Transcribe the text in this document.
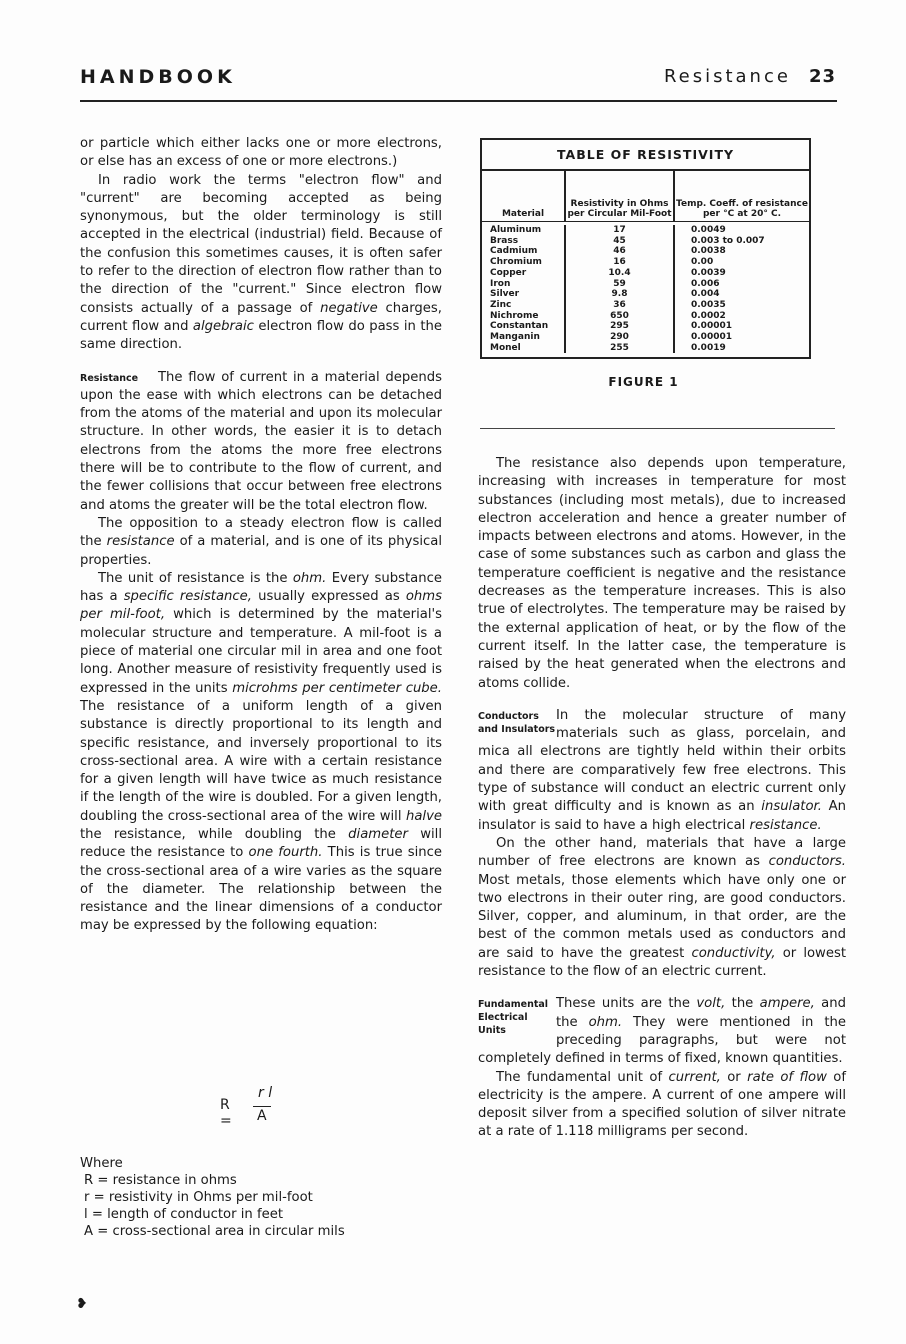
HANDBOOK	Resistance 23

or particle which either lacks one or more electrons, or else has an excess of one or more electrons.)

In radio work the terms "electron flow" and "current" are becoming accepted as being synonymous, but the older terminology is still accepted in the electrical (industrial) field. Because of the confusion this sometimes causes, it is often safer to refer to the direction of electron flow rather than to the direction of the "current." Since electron flow consists actually of a passage of negative charges, current flow and algebraic electron flow do pass in the same direction.

Resistance	The flow of current in a material depends upon the ease with which electrons can be detached from the atoms of the material and upon its molecular structure. In other words, the easier it is to detach electrons from the atoms the more free electrons there will be to contribute to the flow of current, and the fewer collisions that occur between free electrons and atoms the greater will be the total electron flow.

The opposition to a steady electron flow is called the resistance of a material, and is one of its physical properties.

The unit of resistance is the ohm. Every substance has a specific resistance, usually expressed as ohms per mil-foot, which is determined by the material's molecular structure and temperature. A mil-foot is a piece of material one circular mil in area and one foot long. Another measure of resistivity frequently used is expressed in the units microhms per centimeter cube. The resistance of a uniform length of a given substance is directly proportional to its length and specific resistance, and inversely proportional to its cross-sectional area. A wire with a certain resistance for a given length will have twice as much resistance if the length of the wire is doubled. For a given length, doubling the cross-sectional area of the wire will halve the resistance, while doubling the diameter will reduce the resistance to one fourth. This is true since the cross-sectional area of a wire varies as the square of the diameter. The relationship between the resistance and the linear dimensions of a conductor may be expressed by the following equation:

R =
r l
A
Where
R = resistance in ohms
r = resistivity in Ohms per mil-foot
l = length of conductor in feet
A = cross-sectional area in circular mils
TABLE OF RESISTIVITY
Material
Resistivity in Ohms per Circular Mil-Foot
Temp. Coeff. of resistance per °C at 20° C.
Aluminum
Brass
Cadmium
Chromium
Copper
Iron
Silver
Zinc
Nichrome
Constantan
Manganin
Monel
17
45
46
16
10.4
59
9.8
36
650
295
290
255
0.0049
0.003 to 0.007
0.0038
0.00
0.0039
0.006
0.004
0.0035
0.0002
0.00001
0.00001
0.0019
FIGURE 1

The resistance also depends upon temperature, increasing with increases in temperature for most substances (including most metals), due to increased electron acceleration and hence a greater number of impacts between electrons and atoms. However, in the case of some substances such as carbon and glass the temperature coefficient is negative and the resistance decreases as the temperature increases. This is also true of electrolytes. The temperature may be raised by the external application of heat, or by the flow of the current itself. In the latter case, the temperature is raised by the heat generated when the electrons and atoms collide.

Conductors and Insulators
In the molecular structure of many materials such as glass, porcelain, and mica all electrons are tightly held within their orbits and there are comparatively few free electrons. This type of substance will conduct an electric current only with great difficulty and is known as an insulator. An insulator is said to have a high electrical resistance.

On the other hand, materials that have a large number of free electrons are known as conductors. Most metals, those elements which have only one or two electrons in their outer ring, are good conductors. Silver, copper, and aluminum, in that order, are the best of the common metals used as conductors and are said to have the greatest conductivity, or lowest resistance to the flow of an electric current.

Fundamental Electrical Units
These units are the volt, the ampere, and the ohm. They were mentioned in the preceding paragraphs, but were not completely defined in terms of fixed, known quantities.

The fundamental unit of current, or rate of flow of electricity is the ampere. A current of one ampere will deposit silver from a specified solution of silver nitrate at a rate of 1.118 milligrams per second.

❥
